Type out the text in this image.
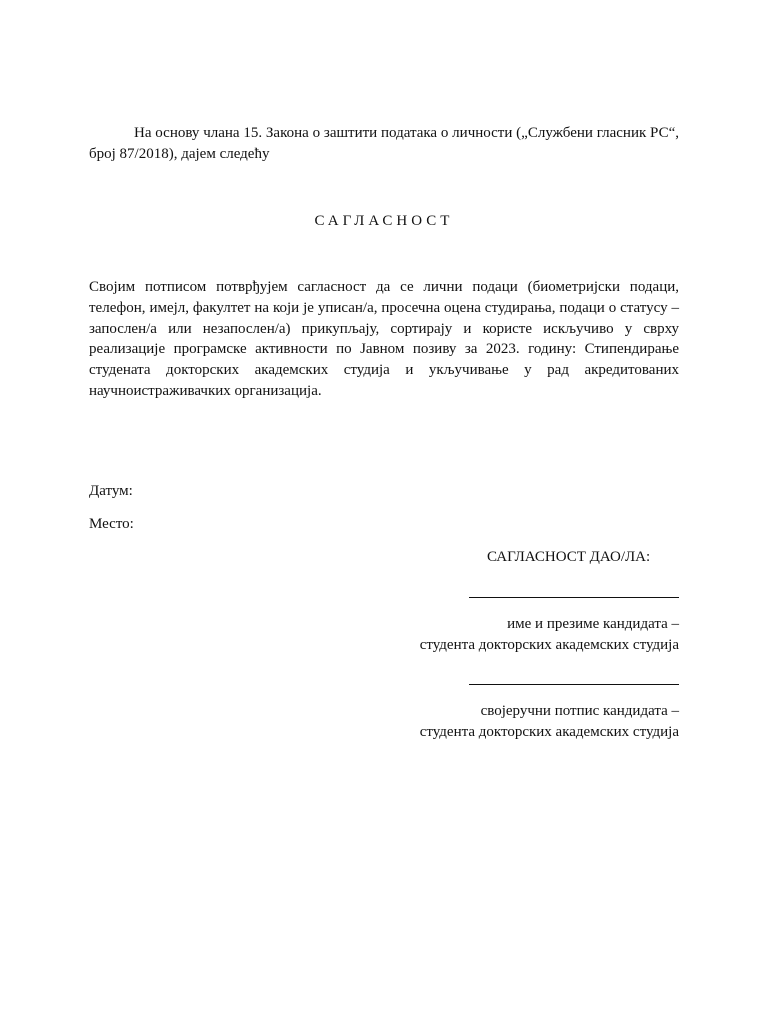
На основу члана 15. Закона о заштити података о личности („Службени гласник РС“, број 87/2018), дајем следећу

САГЛАСНОСТ

Својим потписом потврђујем сагласност да се лични подаци (биометријски подаци, телефон, имејл, факултет на који је уписан/а, просечна оцена студирања, подаци о статусу – запослен/а или незапослен/а) прикупљају, сортирају и користе искључиво у сврху реализације програмске активности по Јавном позиву за 2023. годину: Стипендирање студената докторских академских студија и укључивање у рад акредитованих научноистраживачких организација.

Датум:

Место:

САГЛАСНОСТ ДАО/ЛА:

име и презиме кандидата –
студента докторских академских студија

својеручни потпис кандидата –
студента докторских академских студија
